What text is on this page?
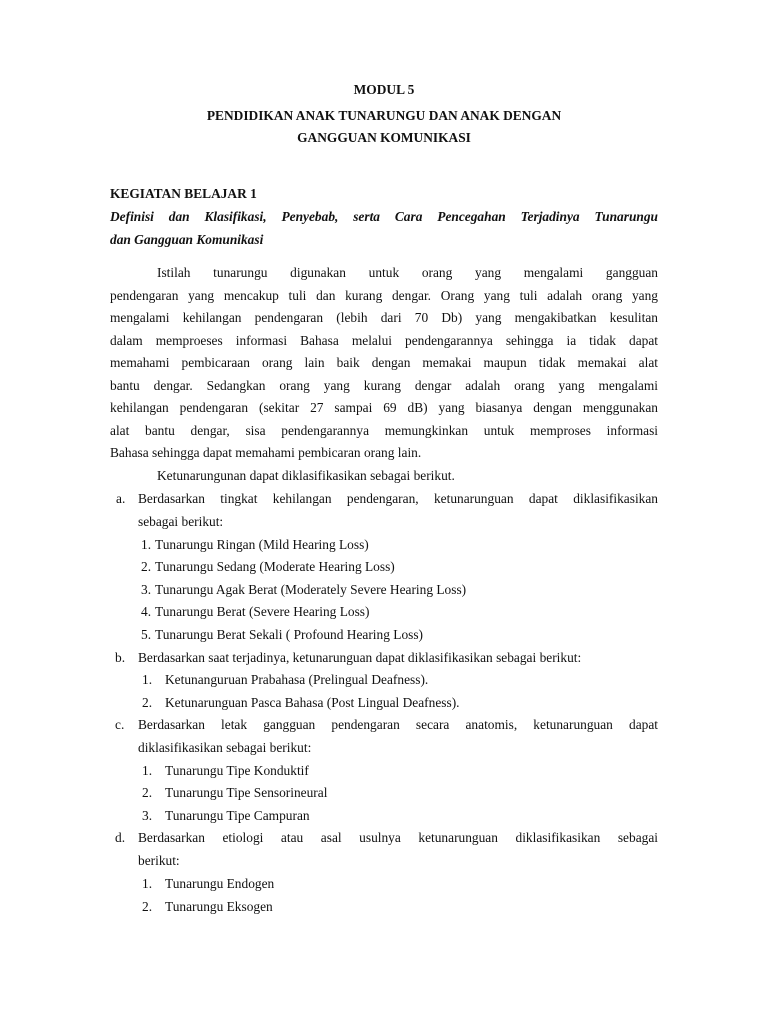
MODUL 5
PENDIDIKAN ANAK TUNARUNGU DAN ANAK DENGAN
GANGGUAN KOMUNIKASI
KEGIATAN BELAJAR 1
Definisi dan Klasifikasi, Penyebab, serta Cara Pencegahan Terjadinya Tunarungu
dan Gangguan Komunikasi
Istilah tunarungu digunakan untuk orang yang mengalami gangguan
pendengaran yang mencakup tuli dan kurang dengar. Orang yang tuli adalah orang yang
mengalami kehilangan pendengaran (lebih dari 70 Db) yang mengakibatkan kesulitan
dalam memproeses informasi Bahasa melalui pendengarannya sehingga ia tidak dapat
memahami pembicaraan orang lain baik dengan memakai maupun tidak memakai alat
bantu dengar. Sedangkan orang yang kurang dengar adalah orang yang mengalami
kehilangan pendengaran (sekitar 27 sampai 69 dB) yang biasanya dengan menggunakan
alat bantu dengar, sisa pendengarannya memungkinkan untuk memproses informasi
Bahasa sehingga dapat memahami pembicaran orang lain.
Ketunarungunan dapat diklasifikasikan sebagai berikut.
a. Berdasarkan tingkat kehilangan pendengaran, ketunarunguan dapat diklasifikasikan
sebagai berikut:
1. Tunarungu Ringan (Mild Hearing Loss)
2. Tunarungu Sedang (Moderate Hearing Loss)
3. Tunarungu Agak Berat (Moderately Severe Hearing Loss)
4. Tunarungu Berat (Severe Hearing Loss)
5. Tunarungu Berat Sekali ( Profound Hearing Loss)
b. Berdasarkan saat terjadinya, ketunarunguan dapat diklasifikasikan sebagai berikut:
1. Ketunanguruan Prabahasa (Prelingual Deafness).
2. Ketunarunguan Pasca Bahasa (Post Lingual Deafness).
c. Berdasarkan letak gangguan pendengaran secara anatomis, ketunarunguan dapat
diklasifikasikan sebagai berikut:
1. Tunarungu Tipe Konduktif
2. Tunarungu Tipe Sensorineural
3. Tunarungu Tipe Campuran
d. Berdasarkan etiologi atau asal usulnya ketunarunguan diklasifikasikan sebagai
berikut:
1. Tunarungu Endogen
2. Tunarungu Eksogen
